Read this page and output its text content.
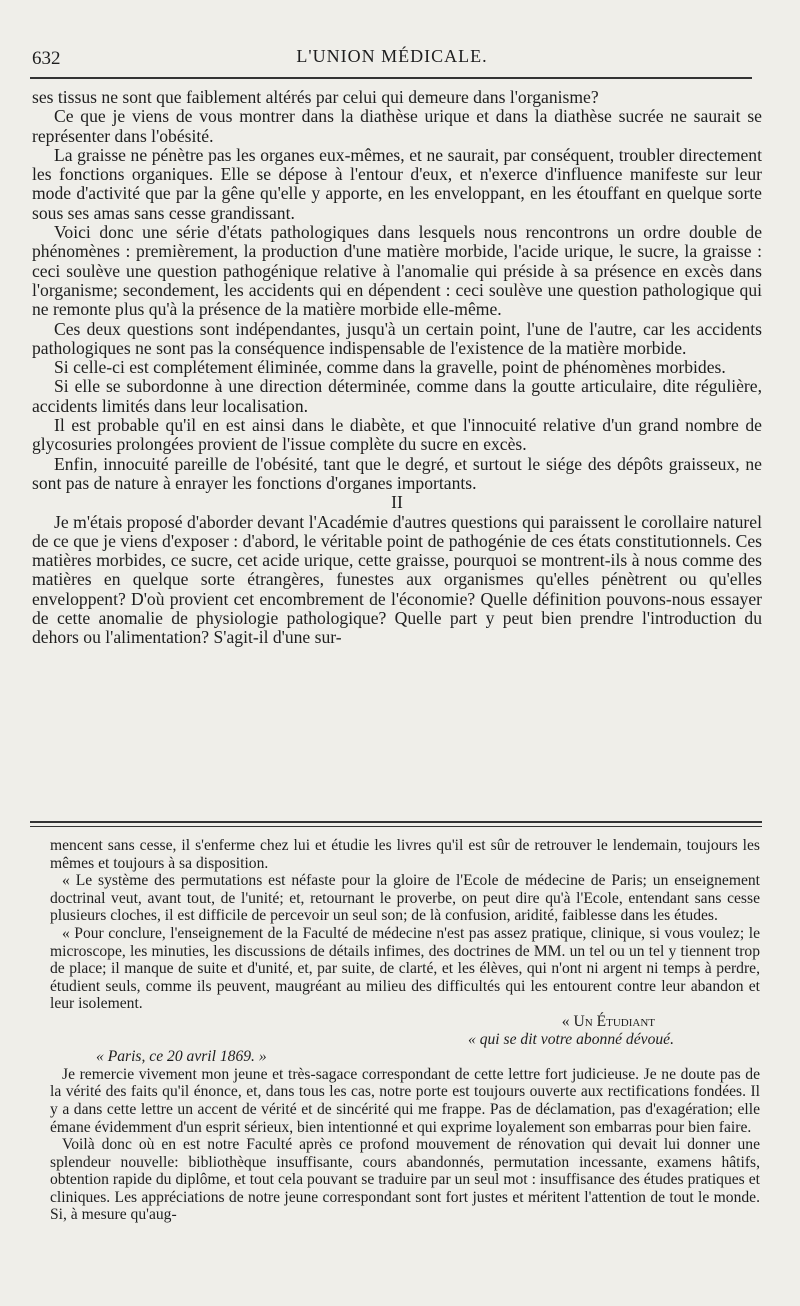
632	L'UNION MÉDICALE.

ses tissus ne sont que faiblement altérés par celui qui demeure dans l'organisme?

Ce que je viens de vous montrer dans la diathèse urique et dans la diathèse sucrée ne saurait se représenter dans l'obésité.

La graisse ne pénètre pas les organes eux-mêmes, et ne saurait, par conséquent, troubler directement les fonctions organiques. Elle se dépose à l'entour d'eux, et n'exerce d'influence manifeste sur leur mode d'activité que par la gêne qu'elle y apporte, en les enveloppant, en les étouffant en quelque sorte sous ses amas sans cesse grandissant.

Voici donc une série d'états pathologiques dans lesquels nous rencontrons un ordre double de phénomènes : premièrement, la production d'une matière morbide, l'acide urique, le sucre, la graisse : ceci soulève une question pathogénique relative à l'anomalie qui préside à sa présence en excès dans l'organisme; secondement, les accidents qui en dépendent : ceci soulève une question pathologique qui ne remonte plus qu'à la présence de la matière morbide elle-même.

Ces deux questions sont indépendantes, jusqu'à un certain point, l'une de l'autre, car les accidents pathologiques ne sont pas la conséquence indispensable de l'existence de la matière morbide.

Si celle-ci est complétement éliminée, comme dans la gravelle, point de phénomènes morbides.

Si elle se subordonne à une direction déterminée, comme dans la goutte articulaire, dite régulière, accidents limités dans leur localisation.

Il est probable qu'il en est ainsi dans le diabète, et que l'innocuité relative d'un grand nombre de glycosuries prolongées provient de l'issue complète du sucre en excès.

Enfin, innocuité pareille de l'obésité, tant que le degré, et surtout le siége des dépôts graisseux, ne sont pas de nature à enrayer les fonctions d'organes importants.

II

Je m'étais proposé d'aborder devant l'Académie d'autres questions qui paraissent le corollaire naturel de ce que je viens d'exposer : d'abord, le véritable point de pathogénie de ces états constitutionnels. Ces matières morbides, ce sucre, cet acide urique, cette graisse, pourquoi se montrent-ils à nous comme des matières en quelque sorte étrangères, funestes aux organismes qu'elles pénètrent ou qu'elles enveloppent? D'où provient cet encombrement de l'économie? Quelle définition pouvons-nous essayer de cette anomalie de physiologie pathologique? Quelle part y peut bien prendre l'introduction du dehors ou l'alimentation? S'agit-il d'une sur-

mencent sans cesse, il s'enferme chez lui et étudie les livres qu'il est sûr de retrouver le lendemain, toujours les mêmes et toujours à sa disposition.

« Le système des permutations est néfaste pour la gloire de l'Ecole de médecine de Paris; un enseignement doctrinal veut, avant tout, de l'unité; et, retournant le proverbe, on peut dire qu'à l'Ecole, entendant sans cesse plusieurs cloches, il est difficile de percevoir un seul son; de là confusion, aridité, faiblesse dans les études.

« Pour conclure, l'enseignement de la Faculté de médecine n'est pas assez pratique, clinique, si vous voulez; le microscope, les minuties, les discussions de détails infimes, des doctrines de MM. un tel ou un tel y tiennent trop de place; il manque de suite et d'unité, et, par suite, de clarté, et les élèves, qui n'ont ni argent ni temps à perdre, étudient seuls, comme ils peuvent, maugréant au milieu des difficultés qui les entourent contre leur abandon et leur isolement.

« Un Étudiant

« qui se dit votre abonné dévoué.

« Paris, ce 20 avril 1869. »

Je remercie vivement mon jeune et très-sagace correspondant de cette lettre fort judicieuse. Je ne doute pas de la vérité des faits qu'il énonce, et, dans tous les cas, notre porte est toujours ouverte aux rectifications fondées. Il y a dans cette lettre un accent de vérité et de sincérité qui me frappe. Pas de déclamation, pas d'exagération; elle émane évidemment d'un esprit sérieux, bien intentionné et qui exprime loyalement son embarras pour bien faire.

Voilà donc où en est notre Faculté après ce profond mouvement de rénovation qui devait lui donner une splendeur nouvelle: bibliothèque insuffisante, cours abandonnés, permutation incessante, examens hâtifs, obtention rapide du diplôme, et tout cela pouvant se traduire par un seul mot : insuffisance des études pratiques et cliniques. Les appréciations de notre jeune correspondant sont fort justes et méritent l'attention de tout le monde. Si, à mesure qu'aug-
